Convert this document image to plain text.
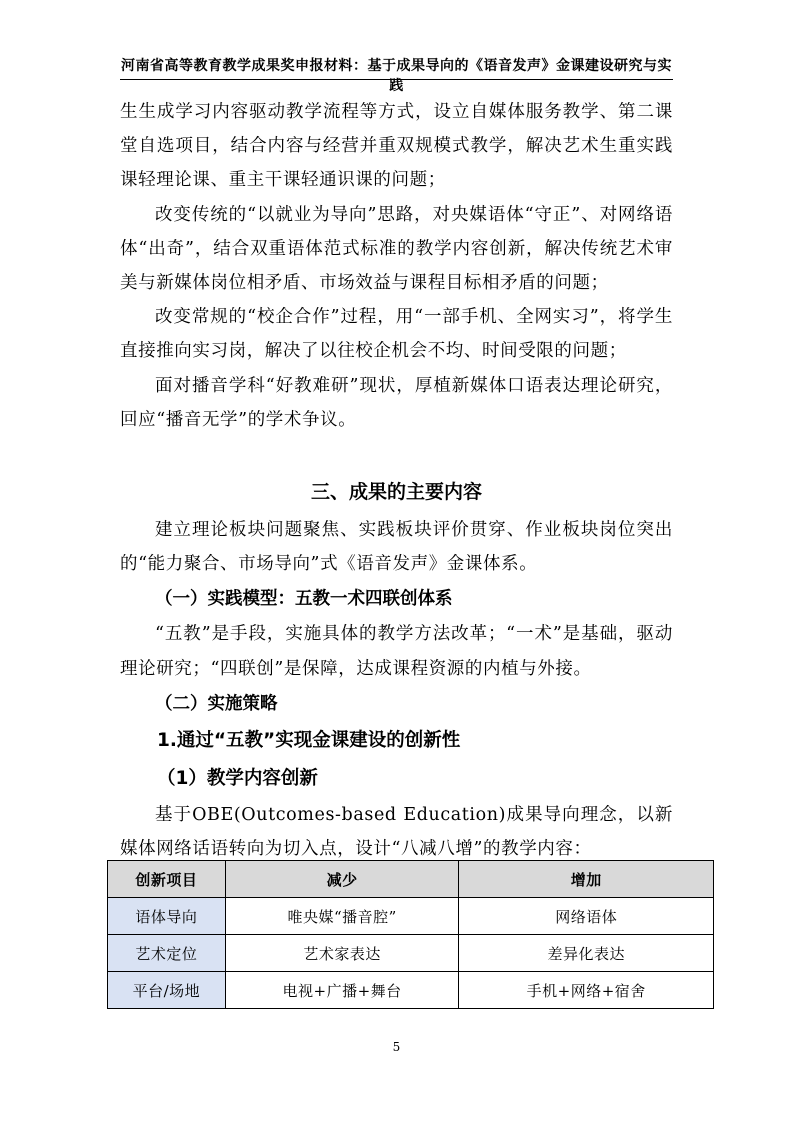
河南省高等教育教学成果奖申报材料：基于成果导向的《语音发声》金课建设研究与实践

生生成学习内容驱动教学流程等方式，设立自媒体服务教学、第二课堂自选项目，结合内容与经营并重双规模式教学，解决艺术生重实践课轻理论课、重主干课轻通识课的问题；

改变传统的“以就业为导向”思路，对央媒语体“守正”、对网络语体“出奇”，结合双重语体范式标准的教学内容创新，解决传统艺术审美与新媒体岗位相矛盾、市场效益与课程目标相矛盾的问题；

改变常规的“校企合作”过程，用“一部手机、全网实习”，将学生直接推向实习岗，解决了以往校企机会不均、时间受限的问题；

面对播音学科“好教难研”现状，厚植新媒体口语表达理论研究，回应“播音无学”的学术争议。

三、成果的主要内容

建立理论板块问题聚焦、实践板块评价贯穿、作业板块岗位突出的“能力聚合、市场导向”式《语音发声》金课体系。

（一）实践模型：五教一术四联创体系

“五教”是手段，实施具体的教学方法改革；“一术”是基础，驱动理论研究；“四联创”是保障，达成课程资源的内植与外接。

（二）实施策略
1.通过“五教”实现金课建设的创新性
（1）教学内容创新

基于OBE(Outcomes-based Education)成果导向理念，以新媒体网络话语转向为切入点，设计“八减八增”的教学内容：

创新项目	减少	增加
语体导向	唯央媒“播音腔”	网络语体
艺术定位	艺术家表达	差异化表达
平台/场地	电视+广播+舞台	手机+网络+宿舍
5
